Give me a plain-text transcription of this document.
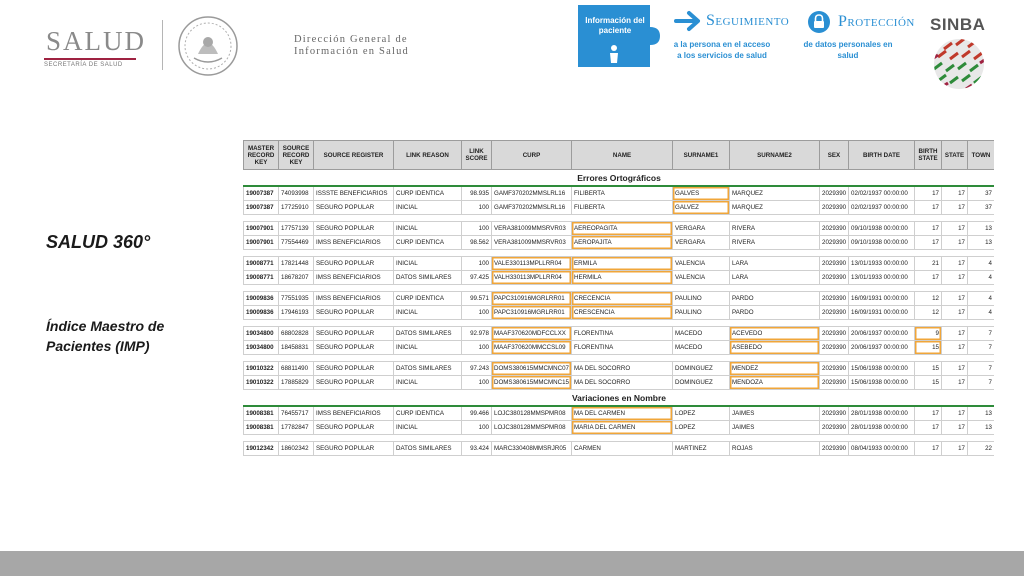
SALUD
SECRETARÍA DE SALUD
Dirección General de
Información en Salud
Información del paciente
Seguimiento
a la persona en el acceso a los servicios de salud
Protección
de datos personales en salud
SINBA
SALUD 360°
Índice Maestro de Pacientes (IMP)
MASTER RECORD KEY	SOURCE RECORD KEY	SOURCE REGISTER	LINK REASON	LINK SCORE	CURP	NAME	SURNAME1	SURNAME2	SEX	BIRTH DATE	BIRTH STATE	STATE	TOWN
Errores Ortográficos													
19007387	74093998	ISSSTE BENEFICIARIOS	CURP IDENTICA	98.935	GAMF370202MMSLRL16	FILIBERTA	GALVES	MARQUEZ	2029390	02/02/1937 00:00:00	17	17	37
19007387	17725910	SEGURO POPULAR	INICIAL	100	GAMF370202MMSLRL16	FILIBERTA	GALVEZ	MARQUEZ	2029390	02/02/1937 00:00:00	17	17	37

19007901	17757139	SEGURO POPULAR	INICIAL	100	VERA381009MMSRVR03	AEREOPAGITA	VERGARA	RIVERA	2029390	09/10/1938 00:00:00	17	17	13
19007901	77554469	IMSS BENEFICIARIOS	CURP IDENTICA	98.562	VERA381009MMSRVR03	AEROPAJITA	VERGARA	RIVERA	2029390	09/10/1938 00:00:00	17	17	13

19008771	17821448	SEGURO POPULAR	INICIAL	100	VALE330113MPLLRR04	ERMILA	VALENCIA	LARA	2029390	13/01/1933 00:00:00	21	17	4
19008771	18678207	IMSS BENEFICIARIOS	DATOS SIMILARES	97.425	VALH330113MPLLRR04	HERMILA	VALENCIA	LARA	2029390	13/01/1933 00:00:00	17	17	4

19009836	77551935	IMSS BENEFICIARIOS	CURP IDENTICA	99.571	PAPC310916MGRLRR01	CRECENCIA	PAULINO	PARDO	2029390	16/09/1931 00:00:00	12	17	4
19009836	17946193	SEGURO POPULAR	INICIAL	100	PAPC310916MGRLRR01	CRESCENCIA	PAULINO	PARDO	2029390	16/09/1931 00:00:00	12	17	4

19034800	68802828	SEGURO POPULAR	DATOS SIMILARES	92.978	MAAF370620MDFCCLXX	FLORENTINA	MACEDO	ACEVEDO	2029390	20/06/1937 00:00:00	9	17	7
19034800	18458831	SEGURO POPULAR	INICIAL	100	MAAF370620MMCCSL09	FLORENTINA	MACEDO	ASEBEDO	2029390	20/06/1937 00:00:00	15	17	7

19010322	68811490	SEGURO POPULAR	DATOS SIMILARES	97.243	DOMS380615MMCMNC07	MA DEL SOCORRO	DOMINGUEZ	MENDEZ	2029390	15/06/1938 00:00:00	15	17	7
19010322	17885829	SEGURO POPULAR	INICIAL	100	DOMS380615MMCMNC15	MA DEL SOCORRO	DOMINGUEZ	MENDOZA	2029390	15/06/1938 00:00:00	15	17	7
Variaciones en Nombre													
19008381	76455717	IMSS BENEFICIARIOS	CURP IDENTICA	99.466	LOJC380128MMSPMR08	MA DEL CARMEN	LOPEZ	JAIMES	2029390	28/01/1938 00:00:00	17	17	13
19008381	17782847	SEGURO POPULAR	INICIAL	100	LOJC380128MMSPMR08	MARIA DEL CARMEN	LOPEZ	JAIMES	2029390	28/01/1938 00:00:00	17	17	13

19012342	18602342	SEGURO POPULAR	DATOS SIMILARES	93.424	MARC330408MMSRJR05	CARMEN	MARTINEZ	ROJAS	2029390	08/04/1933 00:00:00	17	17	22
